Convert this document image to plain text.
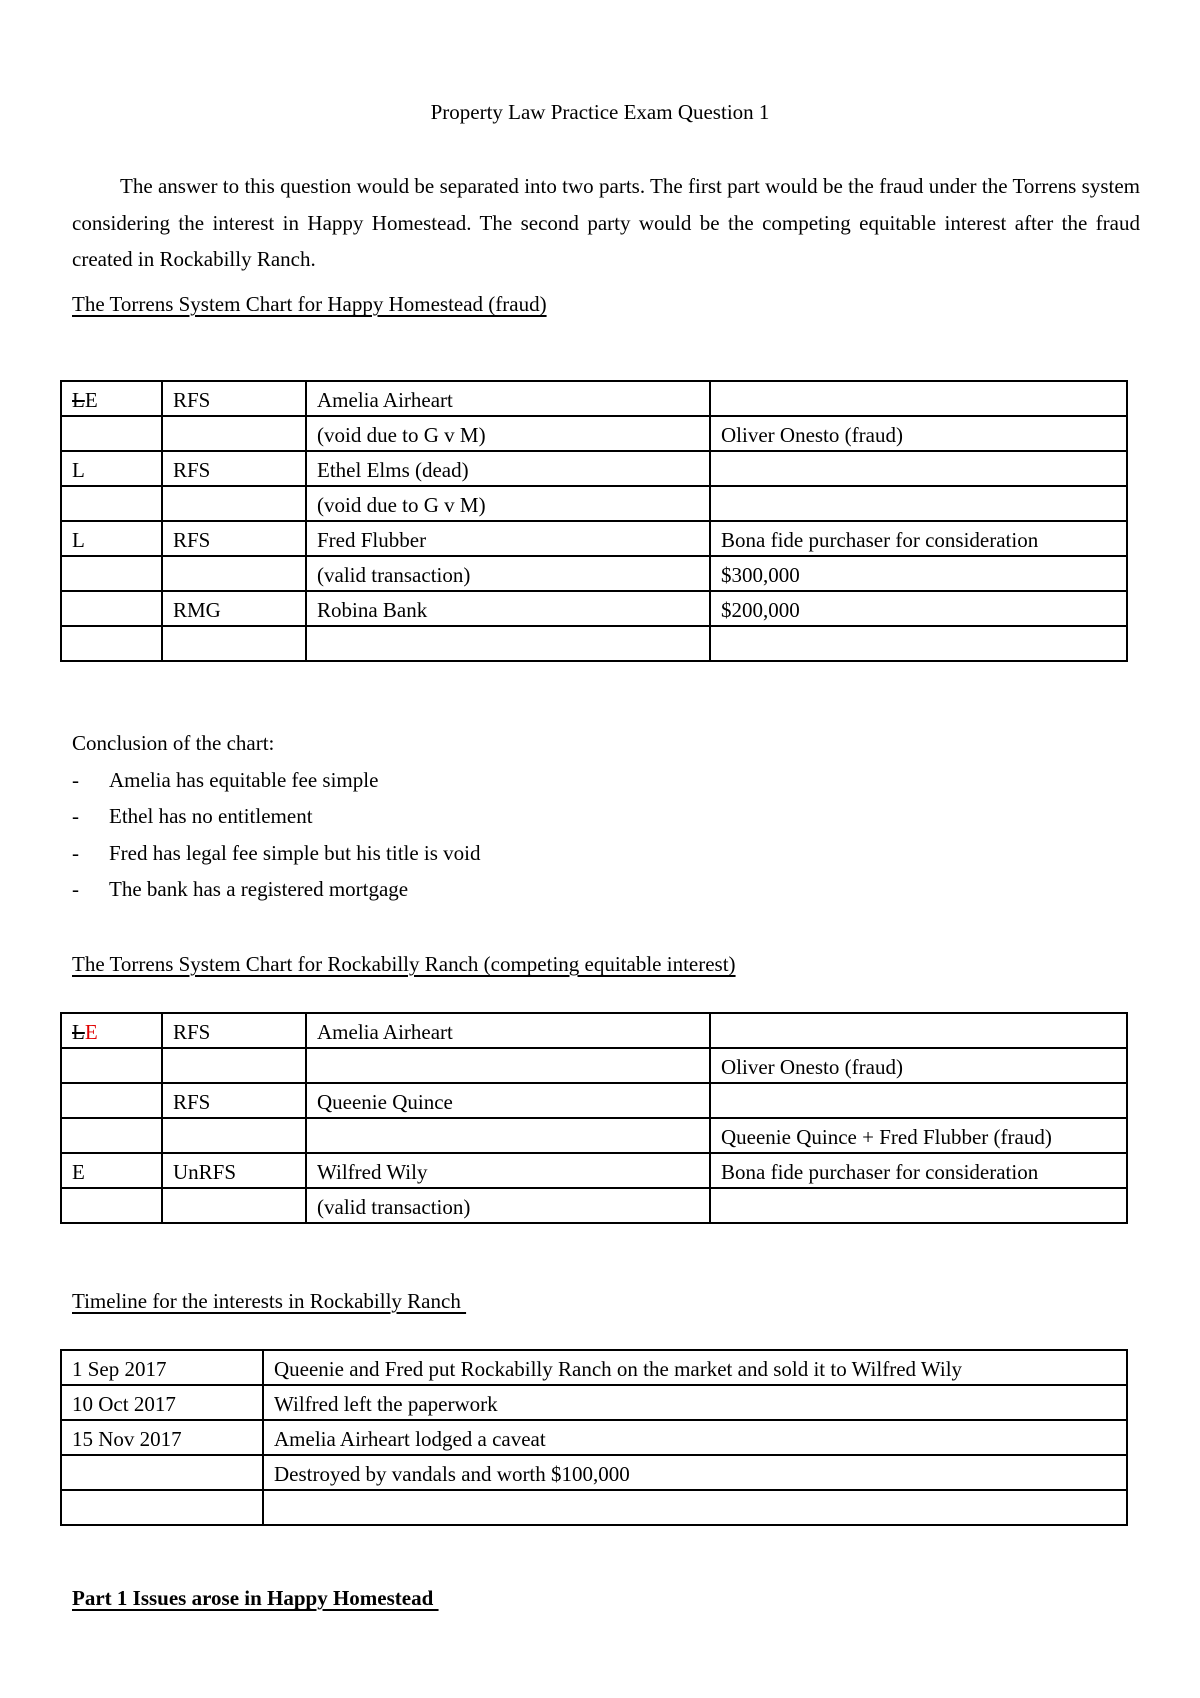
Property Law Practice Exam Question 1
The answer to this question would be separated into two parts. The first part would be the fraud under the Torrens system considering the interest in Happy Homestead. The second party would be the competing equitable interest after the fraud created in Rockabilly Ranch.
The Torrens System Chart for Happy Homestead (fraud)
LE	RFS	Amelia Airheart	
		(void due to G v M)	Oliver Onesto (fraud)
L	RFS	Ethel Elms (dead)	
		(void due to G v M)	
L	RFS	Fred Flubber	Bona fide purchaser for consideration
		(valid transaction)	$300,000
	RMG	Robina Bank	$200,000

Conclusion of the chart:
- Amelia has equitable fee simple
- Ethel has no entitlement
- Fred has legal fee simple but his title is void
- The bank has a registered mortgage
The Torrens System Chart for Rockabilly Ranch (competing equitable interest)
LE	RFS	Amelia Airheart	
			Oliver Onesto (fraud)
	RFS	Queenie Quince	
			Queenie Quince + Fred Flubber (fraud)
E	UnRFS	Wilfred Wily	Bona fide purchaser for consideration
		(valid transaction)	
Timeline for the interests in Rockabilly Ranch
1 Sep 2017	Queenie and Fred put Rockabilly Ranch on the market and sold it to Wilfred Wily
10 Oct 2017	Wilfred left the paperwork
15 Nov 2017	Amelia Airheart lodged a caveat
	Destroyed by vandals and worth $100,000

Part 1 Issues arose in Happy Homestead
